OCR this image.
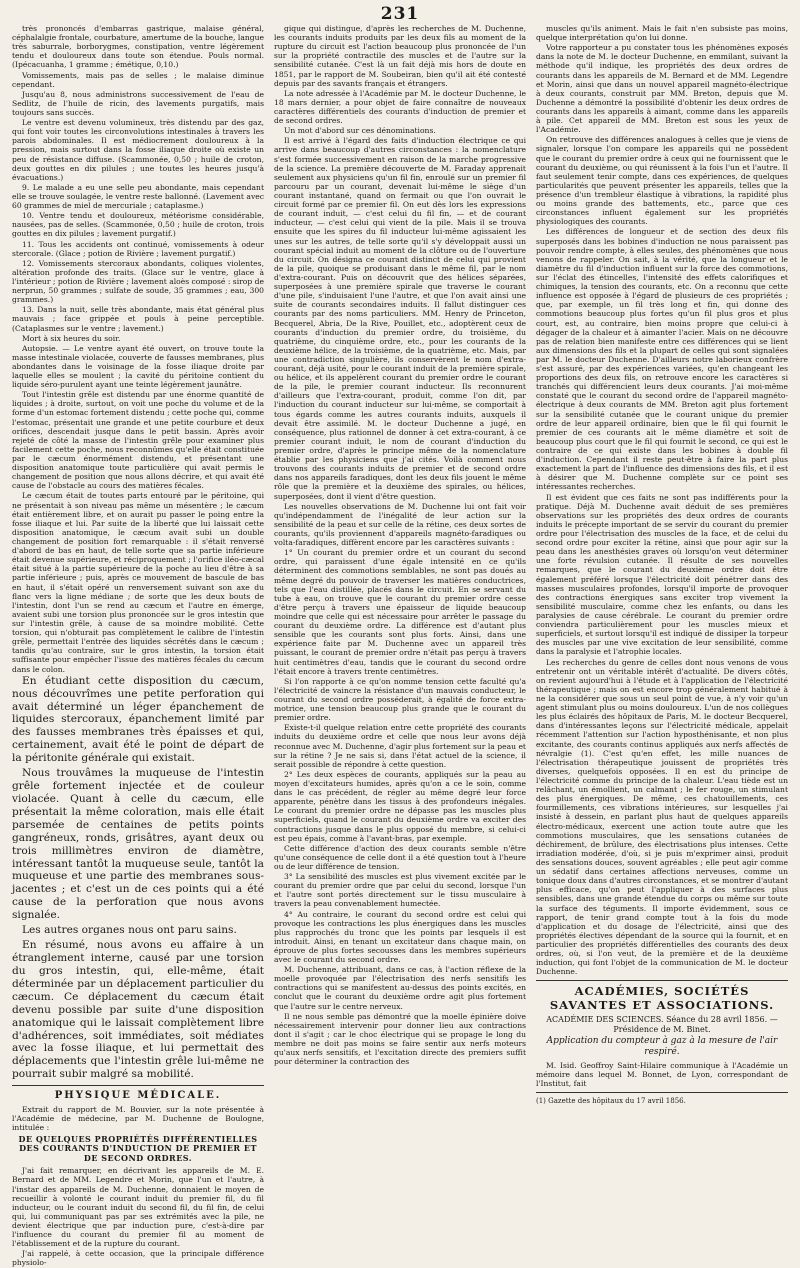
231

très prononcés d'embarras gastrique, malaise général, céphalalgie frontale, courbature, amertume de la bouche, langue très saburrale, borborygmes, constipation, ventre légèrement tendu et douloureux dans toute son étendue. Pouls normal. (Ipécacuanha, 1 gramme ; émétique, 0,10.)

Vomissements, mais pas de selles ; le malaise diminue cependant.

Jusqu'au 8, nous administrons successivement de l'eau de Sedlitz, de l'huile de ricin, des lavements purgatifs, mais toujours sans succès.

Le ventre est devenu volumineux, très distendu par des gaz, qui font voir toutes les circonvolutions intestinales à travers les parois abdominales. Il est médiocrement douloureux à la pression, mais surtout dans la fosse iliaque droite où existe un peu de résistance diffuse. (Scammonée, 0,50 ; huile de croton, deux gouttes en dix pilules ; une toutes les heures jusqu'à évacuations.)

9. Le malade a eu une selle peu abondante, mais cependant elle se trouve soulagée, le ventre reste ballonné. (Lavement avec 60 grammes de miel de mercuriale ; cataplasme.)

10. Ventre tendu et douloureux, météorisme considérable, nausées, pas de selles. (Scammonée, 0,50 ; huile de croton, trois gouttes en dix pilules ; lavement purgatif.)

11. Tous les accidents ont continué, vomissements à odeur stercorale. (Glace ; potion de Rivière ; lavement purgatif.)

12. Vomissements stercoraux abondants, coliques violentes, altération profonde des traits. (Glace sur le ventre, glace à l'intérieur ; potion de Rivière ; lavement aloès composé : sirop de nerprun, 50 grammes ; sulfate de soude, 35 grammes ; eau, 300 grammes.)

13. Dans la nuit, selle très abondante, mais état général plus mauvais ; face grippée et pouls à peine perceptible. (Cataplasmes sur le ventre ; lavement.)

Mort à six heures du soir.

Autopsie. — Le ventre ayant été ouvert, on trouve toute la masse intestinale violacée, couverte de fausses membranes, plus abondantes dans le voisinage de la fosse iliaque droite par laquelle elles se moulent ; la cavité du péritoine contient du liquide séro-purulent ayant une teinte légèrement jaunâtre.

Tout l'intestin grêle est distendu par une énorme quantité de liquides ; à droite, surtout, on voit une poche du volume et de la forme d'un estomac fortement distendu ; cette poche qui, comme l'estomac, présentait une grande et une petite courbure et deux orifices, descendait jusque dans le petit bassin. Après avoir rejeté de côté la masse de l'intestin grêle pour examiner plus facilement cette poche, nous reconnûmes qu'elle était constituée par le cæcum énormément distendu, et présentant une disposition anatomique toute particulière qui avait permis le changement de position que nous allons décrire, et qui avait été cause de l'obstacle au cours des matières fécales.

Le cæcum était de toutes parts entouré par le péritoine, qui ne présentait à son niveau pas même un mésentère ; le cæcum était entièrement libre, et on aurait pu passer le poing entre la fosse iliaque et lui. Par suite de la liberté que lui laissait cette disposition anatomique, le cæcum avait subi un double changement de position fort remarquable : il s'était renversé d'abord de bas en haut, de telle sorte que sa partie inférieure était devenue supérieure, et réciproquement ; l'orifice iléo-cæcal était situé à la partie supérieure de la poche au lieu d'être à sa partie inférieure ; puis, après ce mouvement de bascule de bas en haut, il s'était opéré un renversement suivant son axe du flanc vers la ligne médiane ; de sorte que les deux bouts de l'intestin, dont l'un se rend au cæcum et l'autre en émerge, avaient subi une torsion plus prononcée sur le gros intestin que sur l'intestin grêle, à cause de sa moindre mobilité. Cette torsion, qui n'obturait pas complètement le calibre de l'intestin grêle, permettait l'entrée des liquides sécrétés dans le cæcum ; tandis qu'au contraire, sur le gros intestin, la torsion était suffisante pour empêcher l'issue des matières fécales du cæcum dans le colon.

En étudiant cette disposition du cæcum, nous découvrîmes une petite perforation qui avait déterminé un léger épanchement de liquides stercoraux, épanchement limité par des fausses membranes très épaisses et qui, certainement, avait été le point de départ de la péritonite générale qui existait.

Nous trouvâmes la muqueuse de l'intestin grêle fortement injectée et de couleur violacée. Quant à celle du cæcum, elle présentait la même coloration, mais elle était parsemée de centaines de petits points gangréneux, ronds, grisâtres, ayant deux ou trois millimètres environ de diamètre, intéressant tantôt la muqueuse seule, tantôt la muqueuse et une partie des membranes sous-jacentes ; et c'est un de ces points qui a été cause de la perforation que nous avons signalée.

Les autres organes nous ont paru sains.

En résumé, nous avons eu affaire à un étranglement interne, causé par une torsion du gros intestin, qui, elle-même, était déterminée par un déplacement particulier du cæcum. Ce déplacement du cæcum était devenu possible par suite d'une disposition anatomique qui le laissait complètement libre d'adhérences, soit immédiates, soit médiates avec la fosse iliaque, et lui permettait des déplacements que l'intestin grêle lui-même ne pourrait subir malgré sa mobilité.

PHYSIQUE MÉDICALE.

Extrait du rapport de M. Bouvier, sur la note présentée à l'Académie de médecine, par M. Duchenne de Boulogne, intitulée :

DE QUELQUES PROPRIÉTÉS DIFFÉRENTIELLES DES COURANTS D'INDUCTION DE PREMIER ET DE SECOND ORDRES.

J'ai fait remarquer, en décrivant les appareils de M. E. Bernard et de MM. Legendre et Morin, que l'un et l'autre, à l'instar des appareils de M. Duchenne, donnaient le moyen de recueillir à volonté le courant induit du premier fil, du fil inducteur, ou le courant induit du second fil, du fil fin, de celui qui, lui communiquant pas par ses extrémités avec la pile, ne devient électrique que par induction pure, c'est-à-dire par l'influence du courant du premier fil au moment de l'établissement et de la rupture du courant.

J'ai rappelé, à cette occasion, que la principale différence physiolo-

gique qui distingue, d'après les recherches de M. Duchenne, les courants induits produits par les deux fils au moment de la rupture du circuit est l'action beaucoup plus prononcée de l'un sur la propriété contractile des muscles et de l'autre sur la sensibilité cutanée. C'est là un fait déjà mis hors de doute en 1851, par le rapport de M. Soubeiran, bien qu'il ait été contesté depuis par des savants français et étrangers.

La note adressée à l'Académie par M. le docteur Duchenne, le 18 mars dernier, a pour objet de faire connaître de nouveaux caractères différentiels des courants d'induction de premier et de second ordres.

Un mot d'abord sur ces dénominations.

Il est arrivé à l'égard des faits d'induction électrique ce qui arrive dans beaucoup d'autres circonstances : la nomenclature s'est formée successivement en raison de la marche progressive de la science. La première découverte de M. Faraday apprenait seulement aux physiciens qu'un fil fin, enroulé sur un premier fil parcouru par un courant, devenait lui-même le siège d'un courant instantané, quand on fermait ou que l'on ouvrait le circuit formé par ce premier fil. On eut dès lors les expressions de courant induit, — c'est celui du fil fin, — et de courant inducteur, — c'est celui qui vient de la pile. Mais il se trouva ensuite que les spires du fil inducteur lui-même agissaient les unes sur les autres, de telle sorte qu'il s'y développait aussi un courant spécial induit au moment de la clôture ou de l'ouverture du circuit. On désigna ce courant distinct de celui qui provient de la pile, quoique se produisant dans le même fil, par le nom d'extra-courant. Puis on découvrit que des hélices séparées, superposées à une première spirale que traverse le courant d'une pile, s'induisaient l'une l'autre, et que l'on avait ainsi une suite de courants secondaires induits. Il fallut distinguer ces courants par des noms particuliers. MM. Henry de Princeton, Becquerel, Abria, De la Rive, Pouillet, etc., adoptèrent ceux de courants d'induction du premier ordre, du troisième, du quatrième, du cinquième ordre, etc., pour les courants de la deuxième hélice, de la troisième, de la quatrième, etc. Mais, par une contradiction singulière, ils conservèrent le nom d'extra-courant, déjà usité, pour le courant induit de la première spirale, ou hélice, et ils appelèrent courant du premier ordre le courant de la pile, le premier courant inducteur. Ils reconnurent d'ailleurs que l'extra-courant, produit, comme l'on dit, par l'induction du courant inducteur sur lui-même, se comportait à tous égards comme les autres courants induits, auxquels il devait être assimilé. M. le docteur Duchenne a jugé, en conséquence, plus rationnel de donner à cet extra-courant, à ce premier courant induit, le nom de courant d'induction du premier ordre, d'après le principe même de la nomenclature établie par les physiciens que j'ai cités. Voilà comment nous trouvons des courants induits de premier et de second ordre dans nos appareils faradiques, dont les deux fils jouent le même rôle que la première et la deuxième des spirales, ou hélices, superposées, dont il vient d'être question.

Les nouvelles observations de M. Duchenne lui ont fait voir qu'indépendamment de l'inégalité de leur action sur la sensibilité de la peau et sur celle de la rétine, ces deux sortes de courants, qu'ils proviennent d'appareils magnéto-faradiques ou volta-faradiques, diffèrent encore par les caractères suivants :

1° Un courant du premier ordre et un courant du second ordre, qui paraissent d'une égale intensité en ce qu'ils déterminent des commotions semblables, ne sont pas doués au même degré du pouvoir de traverser les matières conductrices, tels que l'eau distillée, placés dans le circuit. En se servant du tube à eau, on trouve que le courant du premier ordre cesse d'être perçu à travers une épaisseur de liquide beaucoup moindre que celle qui est nécessaire pour arrêter le passage du courant du deuxième ordre. La différence est d'autant plus sensible que les courants sont plus forts. Ainsi, dans une expérience faite par M. Duchenne avec un appareil très puissant, le courant de premier ordre n'était pas perçu à travers huit centimètres d'eau, tandis que le courant du second ordre l'était encore à travers trente centimètres.

Si l'on rapporte à ce qu'on nomme tension cette faculté qu'a l'électricité de vaincre la résistance d'un mauvais conducteur, le courant du second ordre posséderait, à égalité de force extra-motrice, une tension beaucoup plus grande que le courant du premier ordre.

Existe-t-il quelque relation entre cette propriété des courants induits du deuxième ordre et celle que nous leur avons déjà reconnue avec M. Duchenne, d'agir plus fortement sur la peau et sur la rétine ? Je ne sais si, dans l'état actuel de la science, il serait possible de répondre à cette question.

2° Les deux espèces de courants, appliqués sur la peau au moyen d'excitateurs humides, après qu'on a ce le soin, comme dans le cas précédent, de régler au même degré leur force apparente, pénètre dans les tissus à des profondeurs inégales. Le courant du premier ordre ne dépasse pas les muscles plus superficiels, quand le courant du deuxième ordre va exciter des contractions jusque dans le plus opposé du membre, si celui-ci est peu épais, comme à l'avant-bras, par exemple.

Cette différence d'action des deux courants semble n'être qu'une conséquence de celle dont il a été question tout à l'heure ou de leur différence de tension.

3° La sensibilité des muscles est plus vivement excitée par le courant du premier ordre que par celui du second, lorsque l'un et l'autre sont portés directement sur le tissu musculaire à travers la peau convenablement humectée.

4° Au contraire, le courant du second ordre est celui qui provoque les contractions les plus énergiques dans les muscles plus rapprochés du tronc que les points par lesquels il est introduit. Ainsi, en tenant un excitateur dans chaque main, on éprouve de plus fortes secousses dans les membres supérieurs avec le courant du second ordre.

M. Duchenne, attribuant, dans ce cas, à l'action réflexe de la moelle provoquée par l'électrisation des nerfs sensitifs les contractions qui se manifestent au-dessus des points excités, en conclut que le courant du deuxième ordre agit plus fortement que l'autre sur le centre nerveux.

Il ne nous semble pas démontré que la moelle épinière doive nécessairement intervenir pour donner lieu aux contractions dont il s'agit ; car le choc électrique qui se propage le long du membre ne doit pas moins se faire sentir aux nerfs moteurs qu'aux nerfs sensitifs, et l'excitation directe des premiers suffit pour déterminer la contraction des

muscles qu'ils animent. Mais le fait n'en subsiste pas moins, quelque interprétation qu'on lui donne.

Votre rapporteur a pu constater tous les phénomènes exposés dans la note de M. le docteur Duchenne, en emmilant, suivant la méthode qu'il indique, les propriétés des deux ordres de courants dans les appareils de M. Bernard et de MM. Legendre et Morin, ainsi que dans un nouvel appareil magnéto-électrique à deux courants, construit par MM. Breton, depuis que M. Duchenne a démontré la possibilité d'obtenir les deux ordres de courants dans les appareils à aimant, comme dans les appareils à pile. Cet appareil de MM. Breton est sous les yeux de l'Académie.

On retrouve des différences analogues à celles que je viens de signaler, lorsque l'on compare les appareils qui ne possèdent que le courant du premier ordre à ceux qui ne fournissent que le courant du deuxième, ou qui réunissent à la fois l'un et l'autre. Il faut seulement tenir compte, dans ces expériences, de quelques particularités que peuvent présenter les appareils, telles que la présence d'un trembleur élastique à vibrations, la rapidité plus ou moins grande des battements, etc., parce que ces circonstances influent également sur les propriétés physiologiques des courants.

Les différences de longueur et de section des deux fils superposés dans les bobines d'induction ne nous paraissent pas pouvoir rendre compte, à elles seules, des phénomènes que nous venons de rappeler. On sait, à la vérité, que la longueur et le diamètre du fil d'induction influent sur la force des commotions, sur l'éclat des étincelles, l'intensité des effets calorifiques et chimiques, la tension des courants, etc. On a reconnu que cette influence est opposée à l'égard de plusieurs de ces propriétés ; que, par exemple, un fil très long et fin, qui donne des commotions beaucoup plus fortes qu'un fil plus gros et plus court, est, au contraire, bien moins propre que celui-ci à dégager de la chaleur et à aimanter l'acier. Mais on ne découvre pas de relation bien manifeste entre ces différences qui se lient aux dimensions des fils et la plupart de celles qui sont signalées par M. le docteur Duchenne. D'ailleurs notre laborieux confrère s'est assuré, par des expériences variées, qu'en changeant les proportions des deux fils, on retrouve encore les caractères si tranchés qui différencient leurs deux courants. J'ai moi-même constaté que le courant du second ordre de l'appareil magnéto-électrique à deux courants de MM. Breton agit plus fortement sur la sensibilité cutanée que le courant unique du premier ordre de leur appareil ordinaire, bien que le fil qui fournit le premier de ces courants ait le même diamètre et soit de beaucoup plus court que le fil qui fournit le second, ce qui est le contraire de ce qui existe dans les bobines à double fil d'induction. Cependant il reste peut-être à faire la part plus exactement la part de l'influence des dimensions des fils, et il est à désirer que M. Duchenne complète sur ce point ses intéressantes recherches.

Il est évident que ces faits ne sont pas indifférents pour la pratique. Déjà M. Duchenne avait déduit de ses premières observations sur les propriétés des deux ordres de courants induits le précepte important de se servir du courant du premier ordre pour l'électrisation des muscles de la face, et de celui du second ordre pour exciter la rétine, ainsi que pour agir sur la peau dans les anesthésies graves où lorsqu'on veut déterminer une forte révulsion cutanée. Il résulte de ses nouvelles remarques, que le courant du deuxième ordre doit être également préféré lorsque l'électricité doit pénétrer dans des masses musculaires profondes, lorsqu'il importe de provoquer des contractions énergiques sans exciter trop vivement la sensibilité musculaire, comme chez les enfants, ou dans les paralysies de cause cérébrale. Le courant du premier ordre conviendra particulièrement pour les muscles mieux et superficiels, et surtout lorsqu'il est indiqué de dissiper la torpeur des muscles par une vive excitation de leur sensibilité, comme dans la paralysie et l'atrophie locales.

Les recherches du genre de celles dont nous venons de vous entretenir ont un véritable intérêt d'actualité. De divers côtés, on revient aujourd'hui à l'étude et à l'application de l'électricité thérapeutique ; mais on est encore trop généralement habitué à ne la considérer que sous un seul point de vue, à n'y voir qu'un agent stimulant plus ou moins douloureux. L'un de nos collègues les plus éclairés des hôpitaux de Paris, M. le docteur Becquerel, dans d'intéressantes leçons sur l'électricité médicale, appelait récemment l'attention sur l'action hyposthénisante, et non plus excitante, des courants continus appliqués aux nerfs affectés de névralgie (1). C'est qu'en effet, les mille nuances de l'électrisation thérapeutique jouissent de propriétés très diverses, quelquefois opposées. Il en est du principe de l'électricité comme du principe de la chaleur. L'eau tiède est un relâchant, un émollient, un calmant ; le fer rouge, un stimulant des plus énergiques. De même, ces chatouillements, ces fourmillements, ces vibrations intérieures, sur lesquelles j'ai insisté à dessein, en parlant plus haut de quelques appareils électro-médicaux, exercent une action toute autre que les commotions musculaires, que les sensations cutanées de déchirement, de brûlure, des électrisations plus intenses. Cette irradiation modérée, d'où, si je puis m'exprimer ainsi, produit des sensations douces, souvent agréables ; elle peut agir comme un sédatif dans certaines affections nerveuses, comme un tonique doux dans d'autres circonstances, et se montrer d'autant plus efficace, qu'on peut l'appliquer à des surfaces plus sensibles, dans une grande étendue du corps ou même sur toute la surface des téguments. Il importe évidemment, sous ce rapport, de tenir grand compte tout à la fois du mode d'application et du dosage de l'électricité, ainsi que des propriétés électives dépendant de la source qui la fournit, et en particulier des propriétés différentielles des courants des deux ordres, où, si l'on veut, de la première et de la deuxième induction, qui font l'objet de la communication de M. le docteur Duchenne.

ACADÉMIES, SOCIÉTÉS SAVANTES ET ASSOCIATIONS.
ACADÉMIE DES SCIENCES. Séance du 28 avril 1856. — Présidence de M. Binet.
Application du compteur à gaz à la mesure de l'air respiré.

M. Isid. Geoffroy Saint-Hilaire communique à l'Académie un mémoire dans lequel M. Bonnet, de Lyon, correspondant de l'Institut, fait

(1) Gazette des hôpitaux du 17 avril 1856.
